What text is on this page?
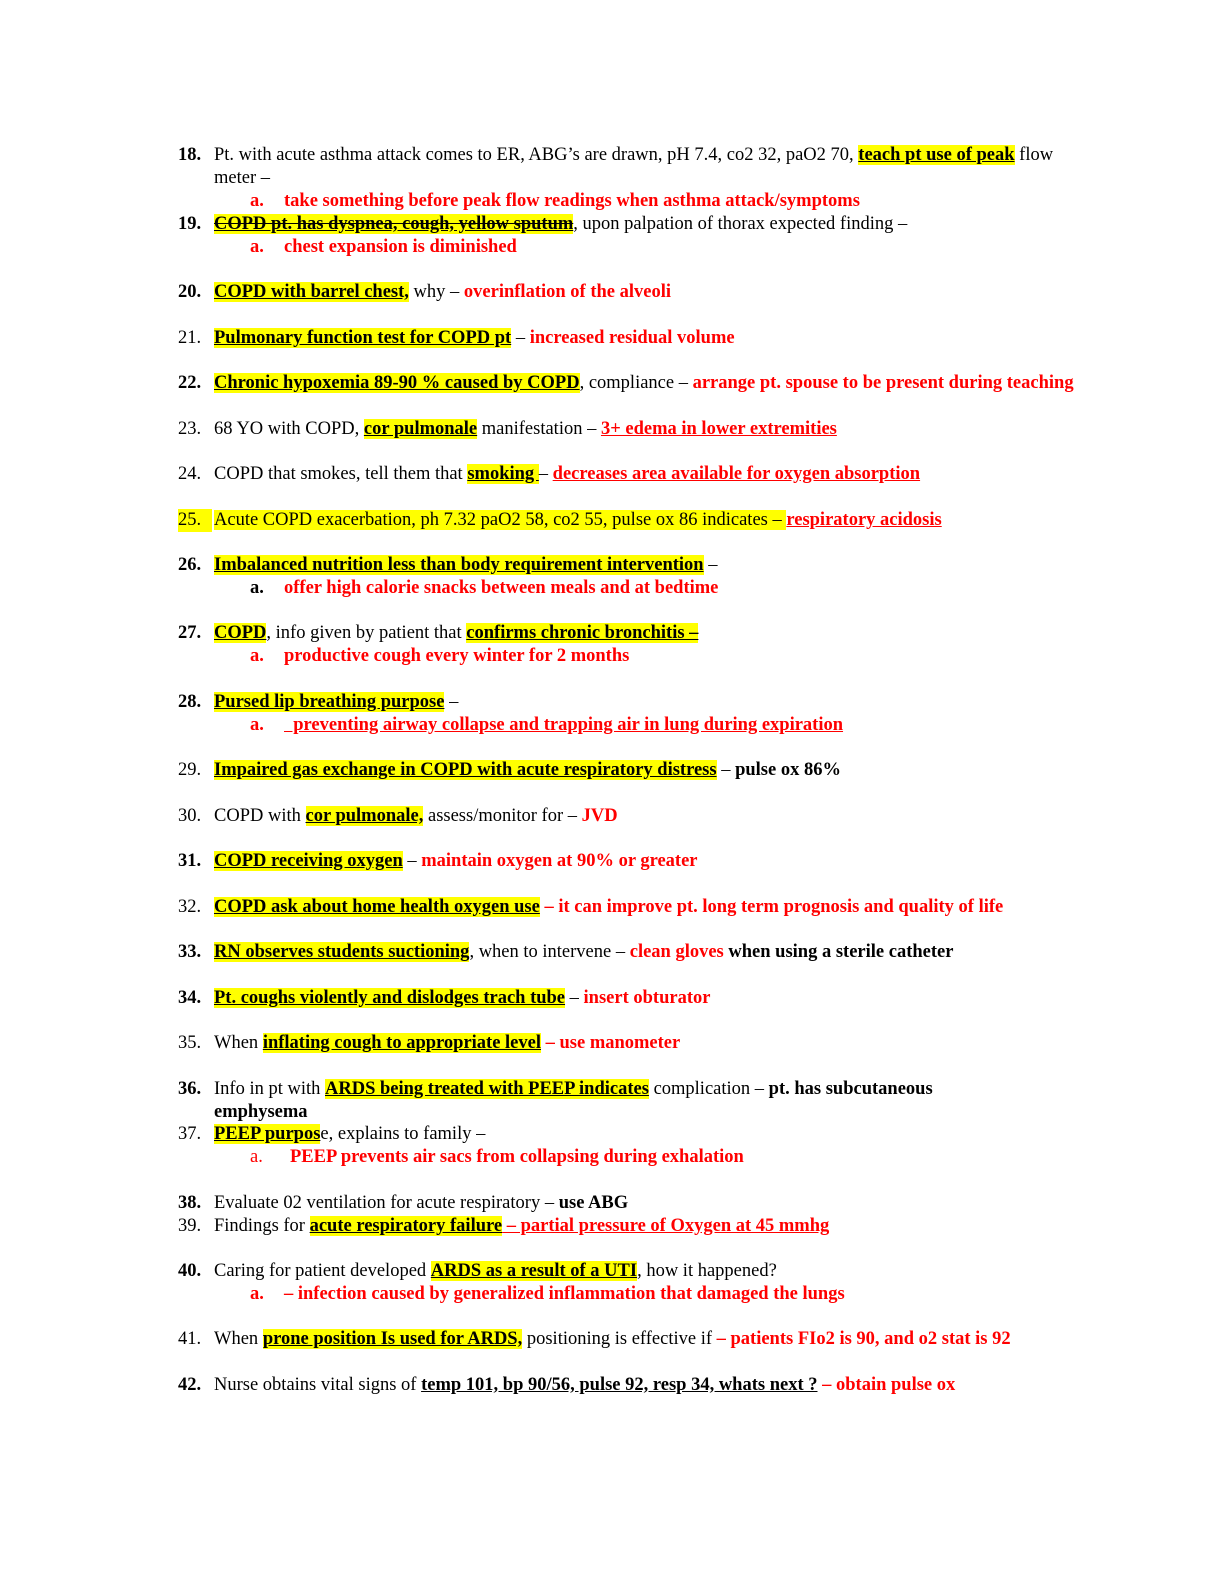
18. Pt. with acute asthma attack comes to ER, ABG’s are drawn, pH 7.4, co2 32, paO2 70, teach pt use of peak flow meter –
a. take something before peak flow readings when asthma attack/symptoms
19. COPD pt. has dyspnea, cough, yellow sputum, upon palpation of thorax expected finding –
a. chest expansion is diminished
20. COPD with barrel chest, why – overinflation of the alveoli
21. Pulmonary function test for COPD pt – increased residual volume
22. Chronic hypoxemia 89-90 % caused by COPD, compliance – arrange pt. spouse to be present during teaching
23. 68 YO with COPD, cor pulmonale manifestation – 3+ edema in lower extremities
24. COPD that smokes, tell them that smoking – decreases area available for oxygen absorption
25. Acute COPD exacerbation, ph 7.32 paO2 58, co2 55, pulse ox 86 indicates – respiratory acidosis
26. Imbalanced nutrition less than body requirement intervention –
a. offer high calorie snacks between meals and at bedtime
27. COPD, info given by patient that confirms chronic bronchitis –
a. productive cough every winter for 2 months
28. Pursed lip breathing purpose –
a.  preventing airway collapse and trapping air in lung during expiration
29. Impaired gas exchange in COPD with acute respiratory distress – pulse ox 86%
30. COPD with cor pulmonale, assess/monitor for – JVD
31. COPD receiving oxygen – maintain oxygen at 90% or greater
32. COPD ask about home health oxygen use – it can improve pt. long term prognosis and quality of life
33. RN observes students suctioning, when to intervene – clean gloves when using a sterile catheter
34. Pt. coughs violently and dislodges trach tube – insert obturator
35. When inflating cough to appropriate level – use manometer
36. Info in pt with ARDS being treated with PEEP indicates complication – pt. has subcutaneous emphysema
37. PEEP purpose, explains to family –
a. PEEP prevents air sacs from collapsing during exhalation
38. Evaluate 02 ventilation for acute respiratory – use ABG
39. Findings for acute respiratory failure – partial pressure of Oxygen at 45 mmhg
40. Caring for patient developed ARDS as a result of a UTI, how it happened?
a. – infection caused by generalized inflammation that damaged the lungs
41. When prone position Is used for ARDS, positioning is effective if – patients FIo2 is 90, and o2 stat is 92
42. Nurse obtains vital signs of temp 101, bp 90/56, pulse 92, resp 34, whats next ? – obtain pulse ox
